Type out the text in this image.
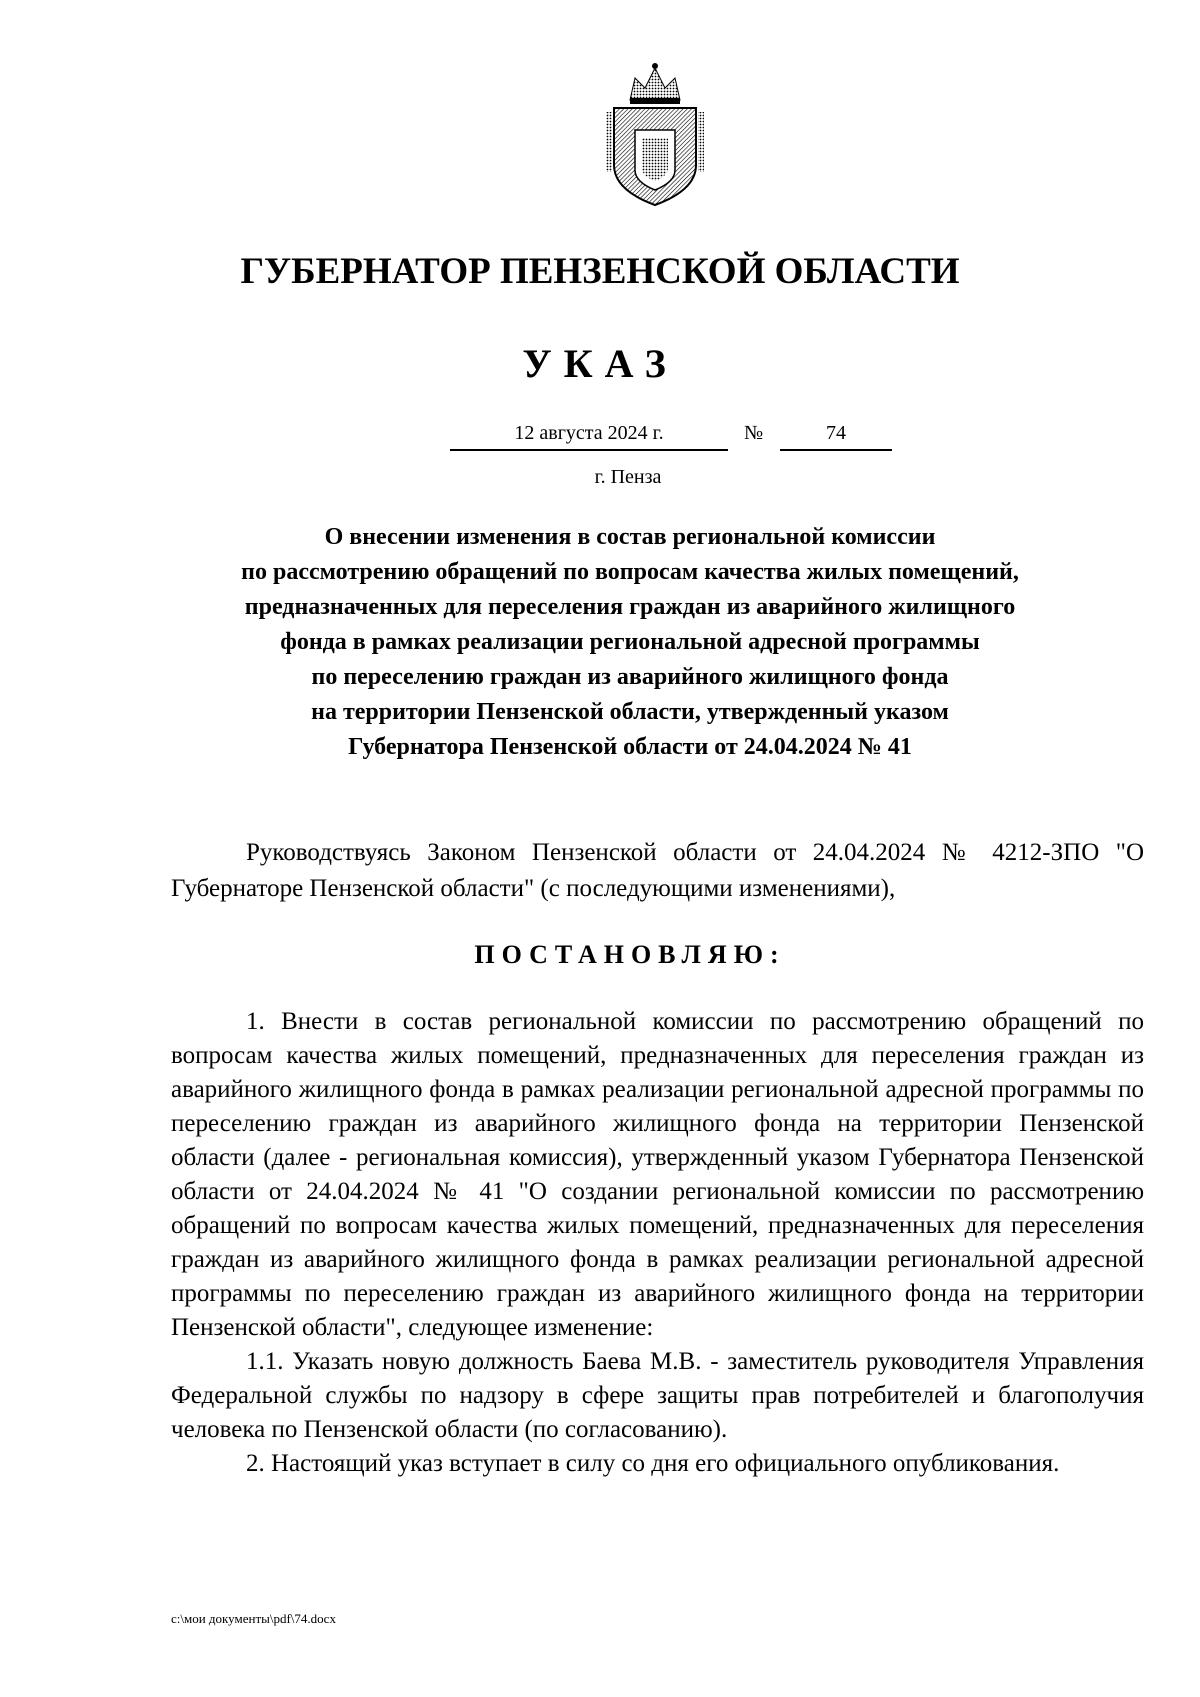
ГУБЕРНАТОР ПЕНЗЕНСКОЙ ОБЛАСТИ
УКАЗ
12 августа 2024 г.	№	74
г. Пенза
О внесении изменения в состав региональной комиссии
по рассмотрению обращений по вопросам качества жилых помещений,
предназначенных для переселения граждан из аварийного жилищного
фонда в рамках реализации региональной адресной программы
по переселению граждан из аварийного жилищного фонда
на территории Пензенской области, утвержденный указом
Губернатора Пензенской области от 24.04.2024 № 41
Руководствуясь Законом Пензенской области от 24.04.2024 № 4212-ЗПО "О Губернаторе Пензенской области" (с последующими изменениями),
ПОСТАНОВЛЯЮ:

1. Внести в состав региональной комиссии по рассмотрению обращений по вопросам качества жилых помещений, предназначенных для переселения граждан из аварийного жилищного фонда в рамках реализации региональной адресной программы по переселению граждан из аварийного жилищного фонда на территории Пензенской области (далее - региональная комиссия), утвержденный указом Губернатора Пензенской области от 24.04.2024 № 41 "О создании региональной комиссии по рассмотрению обращений по вопросам качества жилых помещений, предназначенных для переселения граждан из аварийного жилищного фонда в рамках реализации региональной адресной программы по переселению граждан из аварийного жилищного фонда на территории Пензенской области", следующее изменение:

1.1. Указать новую должность Баева М.В. - заместитель руководителя Управления Федеральной службы по надзору в сфере защиты прав потребителей и благополучия человека по Пензенской области (по согласованию).

2. Настоящий указ вступает в силу со дня его официального опубликования.

c:\мои документы\pdf\74.docx
